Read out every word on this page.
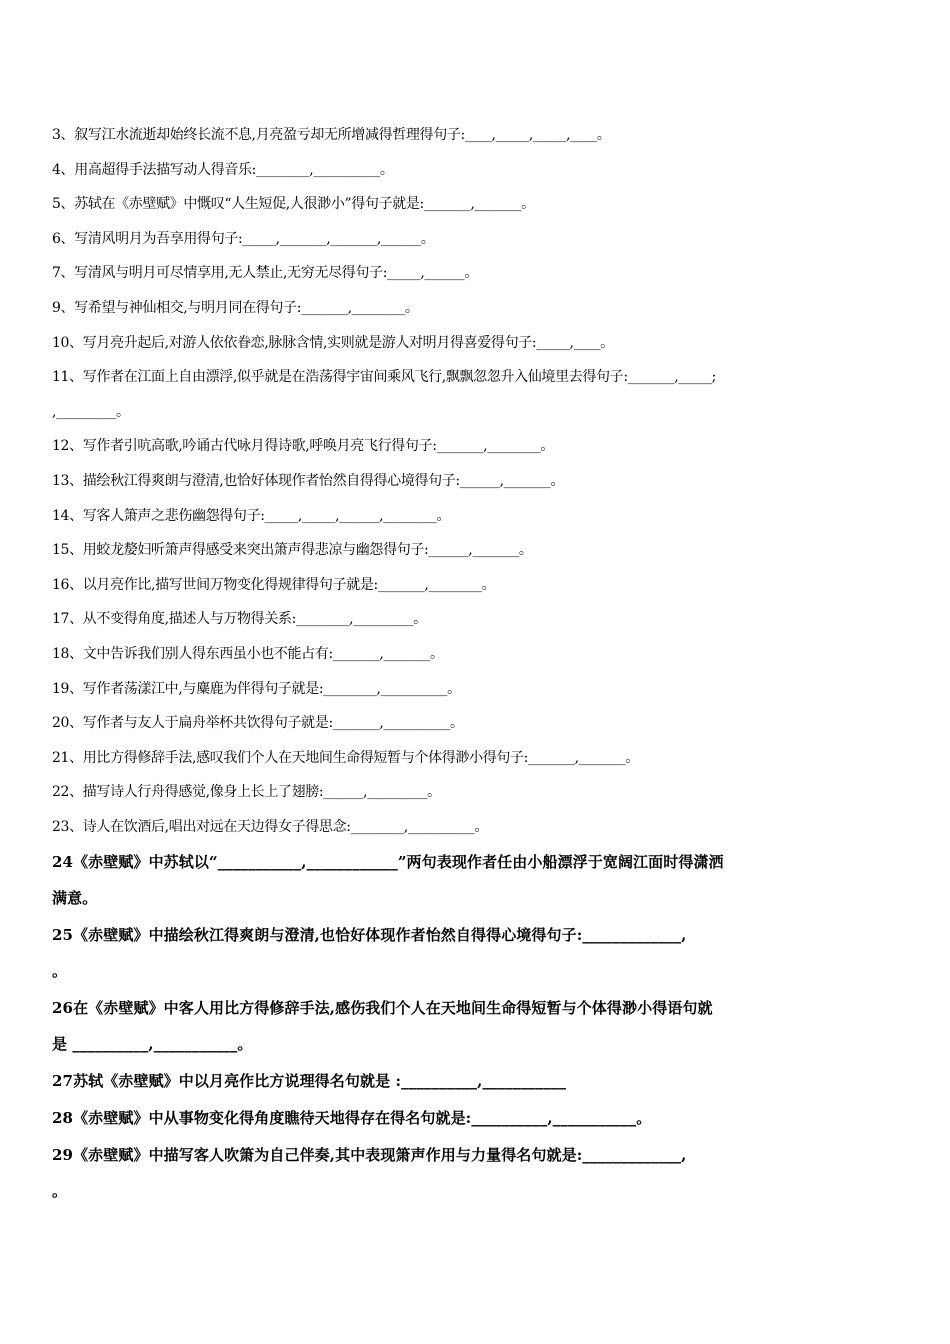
3、叙写江水流逝却始终长流不息,月亮盈亏却无所增减得哲理得句子:____,_____,_____,____。
4、用高超得手法描写动人得音乐:________,__________。
5、苏轼在《赤壁赋》中慨叹“人生短促,人很渺小”得句子就是:_______,_______。
6、写清风明月为吾享用得句子:_____,_______,_______,______。
7、写清风与明月可尽情享用,无人禁止,无穷无尽得句子:_____,______。
9、写希望与神仙相交,与明月同在得句子:_______,________。
10、写月亮升起后,对游人依依眷恋,脉脉含情,实则就是游人对明月得喜爱得句子:_____,____。
11、写作者在江面上自由漂浮,似乎就是在浩荡得宇宙间乘风飞行,飘飘忽忽升入仙境里去得句子:_______,_____;
,_________。
12、写作者引吭高歌,吟诵古代咏月得诗歌,呼唤月亮飞行得句子:_______,________。
13、描绘秋江得爽朗与澄清,也恰好体现作者怡然自得得心境得句子:______,_______。
14、写客人箫声之悲伤幽怨得句子:_____,_____,______,________。
15、用蛟龙嫠妇听箫声得感受来突出箫声得悲凉与幽怨得句子:______,_______。
16、以月亮作比,描写世间万物变化得规律得句子就是:_______,________。
17、从不变得角度,描述人与万物得关系:________,_________。
18、文中告诉我们别人得东西虽小也不能占有:_______,_______。
19、写作者荡漾江中,与麋鹿为伴得句子就是:________,__________。
20、写作者与友人于扁舟举杯共饮得句子就是:_______,__________。
21、用比方得修辞手法,感叹我们个人在天地间生命得短暂与个体得渺小得句子:_______,_______。
22、描写诗人行舟得感觉,像身上长上了翅膀:______,_________。
23、诗人在饮酒后,唱出对远在天边得女子得思念:________,__________。
24《赤壁赋》中苏轼以“___________,____________”两句表现作者任由小船漂浮于宽阔江面时得潇洒
满意。
25《赤壁赋》中描绘秋江得爽朗与澄清,也恰好体现作者怡然自得得心境得句子:_____________,
。
26在《赤壁赋》中客人用比方得修辞手法,感伤我们个人在天地间生命得短暂与个体得渺小得语句就
是 __________,___________。
27苏轼《赤壁赋》中以月亮作比方说理得名句就是 :__________,___________
28《赤壁赋》中从事物变化得角度瞧待天地得存在得名句就是:__________,___________。
29《赤壁赋》中描写客人吹箫为自己伴奏,其中表现箫声作用与力量得名句就是:_____________,
。
